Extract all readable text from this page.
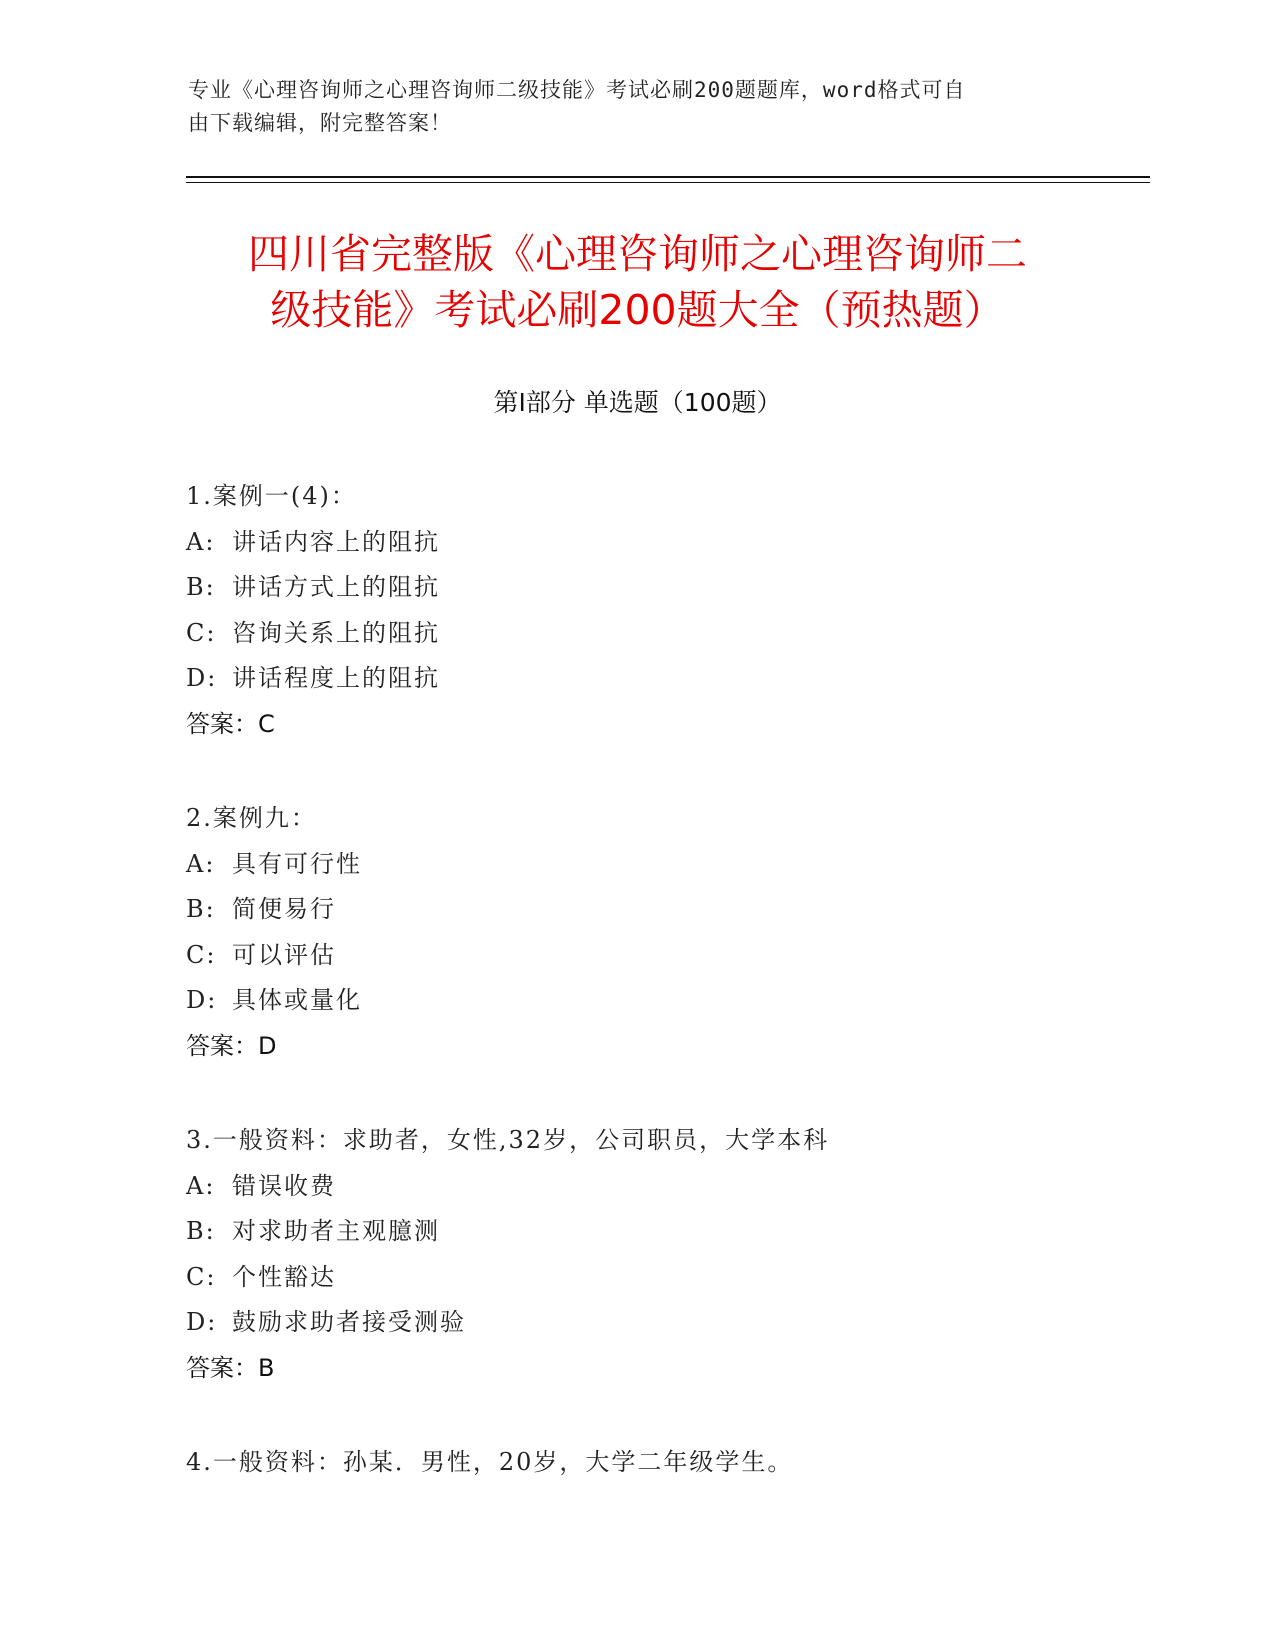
专业《心理咨询师之心理咨询师二级技能》考试必刷200题题库，word格式可自
由下载编辑，附完整答案！
四川省完整版《心理咨询师之心理咨询师二
级技能》考试必刷200题大全（预热题）
第Ⅰ部分 单选题（100题）
1.案例一(4)：
A: 讲话内容上的阻抗
B: 讲话方式上的阻抗
C: 咨询关系上的阻抗
D: 讲话程度上的阻抗
答案：C
2.案例九：
A: 具有可行性
B: 简便易行
C: 可以评估
D: 具体或量化
答案：D
3.一般资料：求助者，女性,32岁，公司职员，大学本科
A: 错误收费
B: 对求助者主观臆测
C: 个性豁达
D: 鼓励求助者接受测验
答案：B
4.一般资料：孙某．男性，20岁，大学二年级学生。
